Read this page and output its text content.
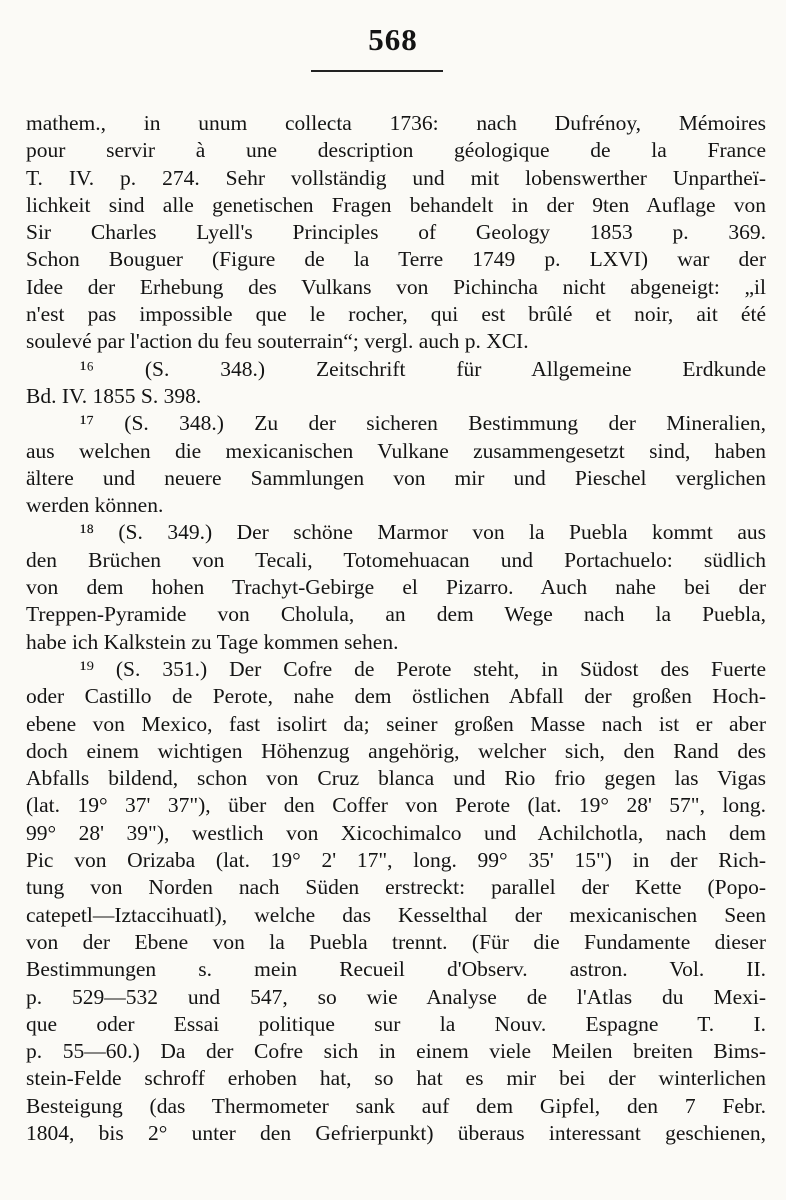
568
mathem., in unum collecta 1736: nach Dufrénoy, Mémoires
pour servir à une description géologique de la France
T. IV. p. 274. Sehr vollständig und mit lobenswerther Unpartheï-
lichkeit sind alle genetischen Fragen behandelt in der 9ten Auflage von
Sir Charles Lyell's Principles of Geology 1853 p. 369.
Schon Bouguer (Figure de la Terre 1749 p. LXVI) war der
Idee der Erhebung des Vulkans von Pichincha nicht abgeneigt: „il
n'est pas impossible que le rocher, qui est brûlé et noir, ait été
soulevé par l'action du feu souterrain“; vergl. auch p. XCI.
¹⁶ (S. 348.) Zeitschrift für Allgemeine Erdkunde
Bd. IV. 1855 S. 398.
¹⁷ (S. 348.) Zu der sicheren Bestimmung der Mineralien,
aus welchen die mexicanischen Vulkane zusammengesetzt sind, haben
ältere und neuere Sammlungen von mir und Pieschel verglichen
werden können.
¹⁸ (S. 349.) Der schöne Marmor von la Puebla kommt aus
den Brüchen von Tecali, Totomehuacan und Portachuelo: südlich
von dem hohen Trachyt-Gebirge el Pizarro. Auch nahe bei der
Treppen-Pyramide von Cholula, an dem Wege nach la Puebla,
habe ich Kalkstein zu Tage kommen sehen.
¹⁹ (S. 351.) Der Cofre de Perote steht, in Südost des Fuerte
oder Castillo de Perote, nahe dem östlichen Abfall der großen Hoch-
ebene von Mexico, fast isolirt da; seiner großen Masse nach ist er aber
doch einem wichtigen Höhenzug angehörig, welcher sich, den Rand des
Abfalls bildend, schon von Cruz blanca und Rio frio gegen las Vigas
(lat. 19° 37' 37"), über den Coffer von Perote (lat. 19° 28' 57", long.
99° 28' 39"), westlich von Xicochimalco und Achilchotla, nach dem
Pic von Orizaba (lat. 19° 2' 17", long. 99° 35' 15") in der Rich-
tung von Norden nach Süden erstreckt: parallel der Kette (Popo-
catepetl—Iztaccihuatl), welche das Kesselthal der mexicanischen Seen
von der Ebene von la Puebla trennt. (Für die Fundamente dieser
Bestimmungen s. mein Recueil d'Observ. astron. Vol. II.
p. 529—532 und 547, so wie Analyse de l'Atlas du Mexi-
que oder Essai politique sur la Nouv. Espagne T. I.
p. 55—60.) Da der Cofre sich in einem viele Meilen breiten Bims-
stein-Felde schroff erhoben hat, so hat es mir bei der winterlichen
Besteigung (das Thermometer sank auf dem Gipfel, den 7 Febr.
1804, bis 2° unter den Gefrierpunkt) überaus interessant geschienen,
